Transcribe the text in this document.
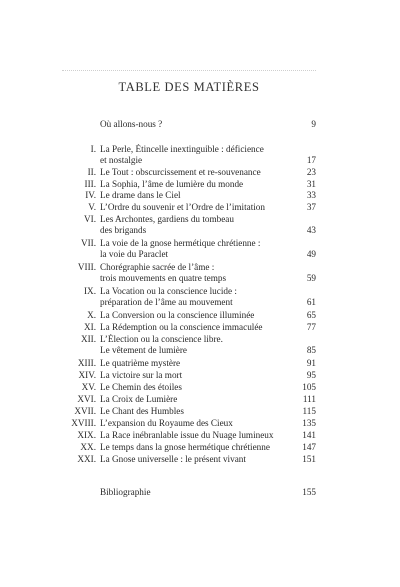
TABLE DES MATIÈRES
Où allons-nous ?	9
I. La Perle, Étincelle inextinguible : déficience
et nostalgie	17
II. Le Tout : obscurcissement et re-souvenance	23
III. La Sophia, l’âme de lumière du monde	31
IV. Le drame dans le Ciel	33
V. L’Ordre du souvenir et l’Ordre de l’imitation	37
VI. Les Archontes, gardiens du tombeau
des brigands	43
VII. La voie de la gnose hermétique chrétienne :
la voie du Paraclet	49
VIII. Chorégraphie sacrée de l’âme :
trois mouvements en quatre temps	59
IX. La Vocation ou la conscience lucide :
préparation de l’âme au mouvement	61
X. La Conversion ou la conscience illuminée	65
XI. La Rédemption ou la conscience immaculée	77
XII. L’Élection ou la conscience libre.
Le vêtement de lumière	85
XIII. Le quatrième mystère	91
XIV. La victoire sur la mort	95
XV. Le Chemin des étoiles	105
XVI. La Croix de Lumière	111
XVII. Le Chant des Humbles	115
XVIII. L’expansion du Royaume des Cieux	135
XIX. La Race inébranlable issue du Nuage lumineux	141
XX. Le temps dans la gnose hermétique chrétienne	147
XXI. La Gnose universelle : le présent vivant	151
Bibliographie	155
